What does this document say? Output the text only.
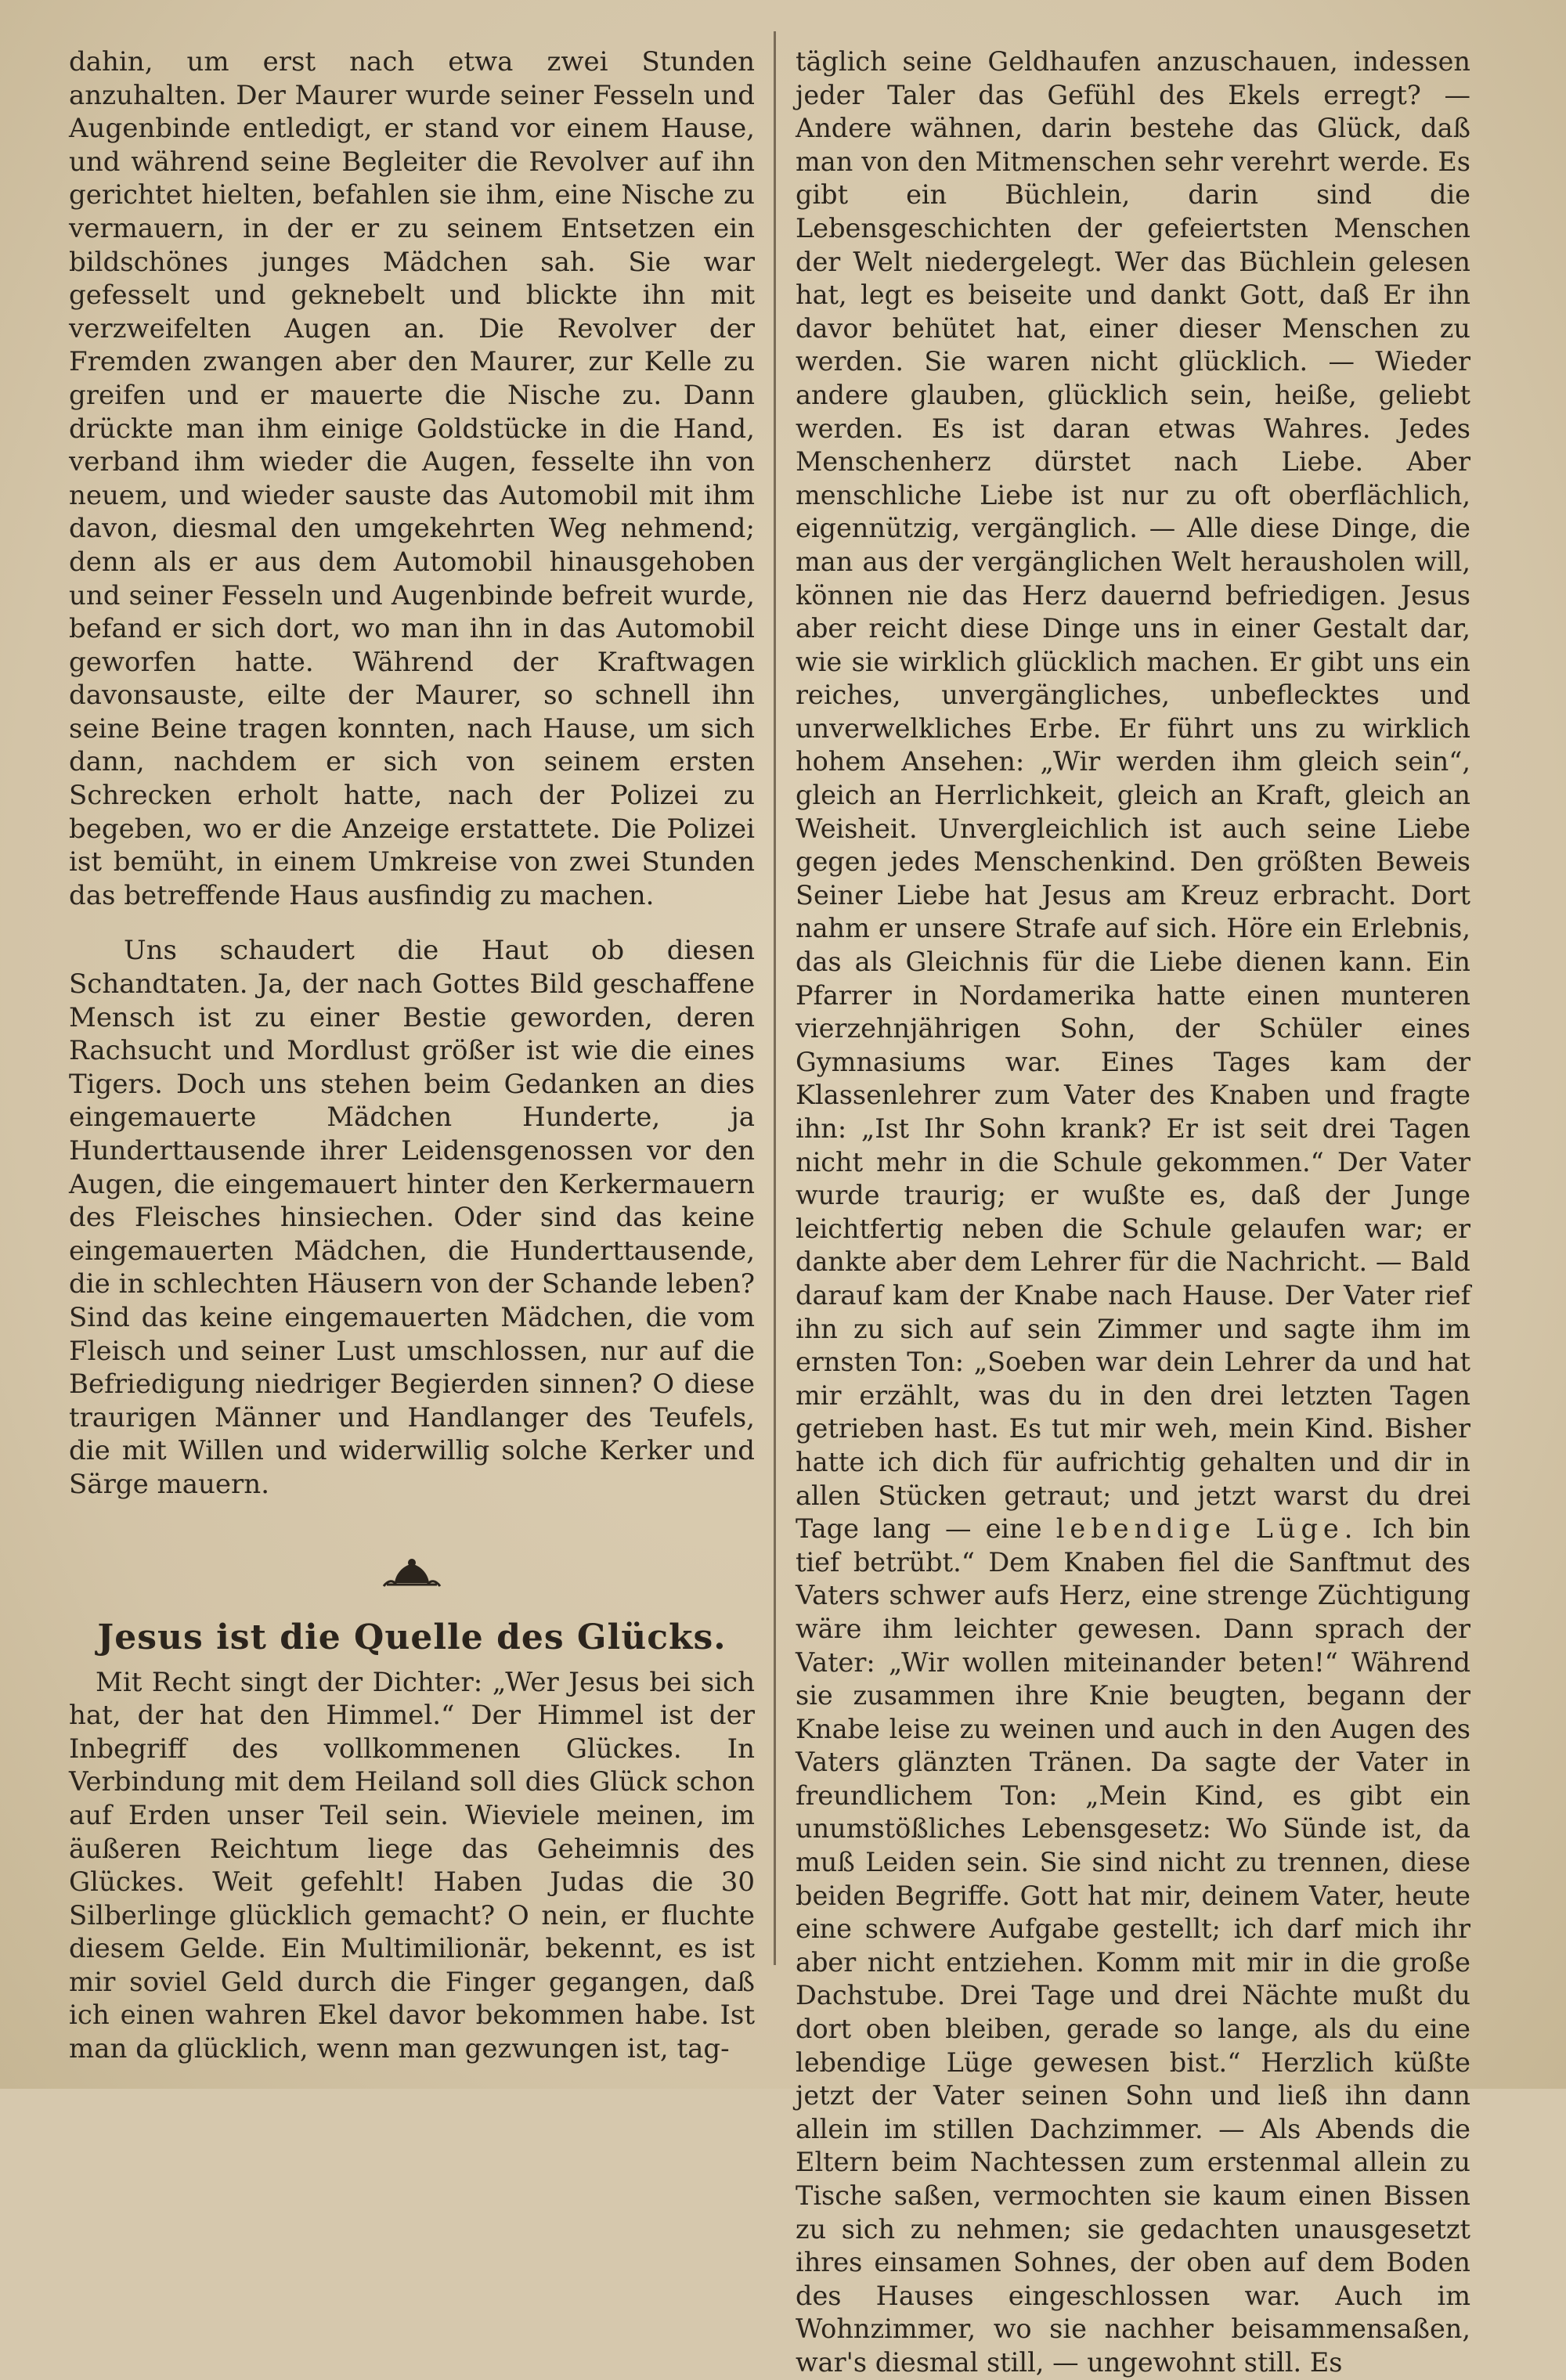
dahin, um erst nach etwa zwei Stunden anzuhalten. Der Maurer wurde seiner Fesseln und Augenbinde entledigt, er stand vor einem Hause, und während seine Begleiter die Revolver auf ihn gerichtet hielten, befahlen sie ihm, eine Nische zu vermauern, in der er zu seinem Entsetzen ein bildschönes junges Mädchen sah. Sie war gefesselt und geknebelt und blickte ihn mit verzweifelten Augen an. Die Revolver der Fremden zwangen aber den Maurer, zur Kelle zu greifen und er mauerte die Nische zu. Dann drückte man ihm einige Goldstücke in die Hand, verband ihm wieder die Augen, fesselte ihn von neuem, und wieder sauste das Automobil mit ihm davon, diesmal den umgekehrten Weg nehmend; denn als er aus dem Automobil hinausgehoben und seiner Fesseln und Augenbinde befreit wurde, befand er sich dort, wo man ihn in das Automobil geworfen hatte. Während der Kraftwagen davonsauste, eilte der Maurer, so schnell ihn seine Beine tragen konnten, nach Hause, um sich dann, nachdem er sich von seinem ersten Schrecken erholt hatte, nach der Polizei zu begeben, wo er die Anzeige erstattete. Die Polizei ist bemüht, in einem Umkreise von zwei Stunden das betreffende Haus ausfindig zu machen.

Uns schaudert die Haut ob diesen Schandtaten. Ja, der nach Gottes Bild geschaffene Mensch ist zu einer Bestie geworden, deren Rachsucht und Mordlust größer ist wie die eines Tigers. Doch uns stehen beim Gedanken an dies eingemauerte Mädchen Hunderte, ja Hunderttausende ihrer Leidensgenossen vor den Augen, die eingemauert hinter den Kerkermauern des Fleisches hinsiechen. Oder sind das keine eingemauerten Mädchen, die Hunderttausende, die in schlechten Häusern von der Schande leben? Sind das keine eingemauerten Mädchen, die vom Fleisch und seiner Lust umschlossen, nur auf die Befriedigung niedriger Begierden sinnen? O diese traurigen Männer und Handlanger des Teufels, die mit Willen und widerwillig solche Kerker und Särge mauern.

Jesus ist die Quelle des Glücks.

Mit Recht singt der Dichter: „Wer Jesus bei sich hat, der hat den Himmel.“ Der Himmel ist der Inbegriff des vollkommenen Glückes. In Verbindung mit dem Heiland soll dies Glück schon auf Erden unser Teil sein. Wieviele meinen, im äußeren Reichtum liege das Geheimnis des Glückes. Weit gefehlt! Haben Judas die 30 Silberlinge glücklich gemacht? O nein, er fluchte diesem Gelde. Ein Multimilionär, bekennt, es ist mir soviel Geld durch die Finger gegangen, daß ich einen wahren Ekel davor bekommen habe. Ist man da glücklich, wenn man gezwungen ist, tag-

täglich seine Geldhaufen anzuschauen, indessen jeder Taler das Gefühl des Ekels erregt? — Andere wähnen, darin bestehe das Glück, daß man von den Mitmenschen sehr verehrt werde. Es gibt ein Büchlein, darin sind die Lebensgeschichten der gefeiertsten Menschen der Welt niedergelegt. Wer das Büchlein gelesen hat, legt es beiseite und dankt Gott, daß Er ihn davor behütet hat, einer dieser Menschen zu werden. Sie waren nicht glücklich. — Wieder andere glauben, glücklich sein, heiße, geliebt werden. Es ist daran etwas Wahres. Jedes Menschenherz dürstet nach Liebe. Aber menschliche Liebe ist nur zu oft oberflächlich, eigennützig, vergänglich. — Alle diese Dinge, die man aus der vergänglichen Welt herausholen will, können nie das Herz dauernd befriedigen. Jesus aber reicht diese Dinge uns in einer Gestalt dar, wie sie wirklich glücklich machen. Er gibt uns ein reiches, unvergängliches, unbeflecktes und unverwelkliches Erbe. Er führt uns zu wirklich hohem Ansehen: „Wir werden ihm gleich sein“, gleich an Herrlichkeit, gleich an Kraft, gleich an Weisheit. Unvergleichlich ist auch seine Liebe gegen jedes Menschenkind. Den größten Beweis Seiner Liebe hat Jesus am Kreuz erbracht. Dort nahm er unsere Strafe auf sich. Höre ein Erlebnis, das als Gleichnis für die Liebe dienen kann. Ein Pfarrer in Nordamerika hatte einen munteren vierzehnjährigen Sohn, der Schüler eines Gymnasiums war. Eines Tages kam der Klassenlehrer zum Vater des Knaben und fragte ihn: „Ist Ihr Sohn krank? Er ist seit drei Tagen nicht mehr in die Schule gekommen.“ Der Vater wurde traurig; er wußte es, daß der Junge leichtfertig neben die Schule gelaufen war; er dankte aber dem Lehrer für die Nachricht. — Bald darauf kam der Knabe nach Hause. Der Vater rief ihn zu sich auf sein Zimmer und sagte ihm im ernsten Ton: „Soeben war dein Lehrer da und hat mir erzählt, was du in den drei letzten Tagen getrieben hast. Es tut mir weh, mein Kind. Bisher hatte ich dich für aufrichtig gehalten und dir in allen Stücken getraut; und jetzt warst du drei Tage lang — eine lebendige Lüge. Ich bin tief betrübt.“ Dem Knaben fiel die Sanftmut des Vaters schwer aufs Herz, eine strenge Züchtigung wäre ihm leichter gewesen. Dann sprach der Vater: „Wir wollen miteinander beten!“ Während sie zusammen ihre Knie beugten, begann der Knabe leise zu weinen und auch in den Augen des Vaters glänzten Tränen. Da sagte der Vater in freundlichem Ton: „Mein Kind, es gibt ein unumstößliches Lebensgesetz: Wo Sünde ist, da muß Leiden sein. Sie sind nicht zu trennen, diese beiden Begriffe. Gott hat mir, deinem Vater, heute eine schwere Aufgabe gestellt; ich darf mich ihr aber nicht entziehen. Komm mit mir in die große Dachstube. Drei Tage und drei Nächte mußt du dort oben bleiben, gerade so lange, als du eine lebendige Lüge gewesen bist.“ Herzlich küßte jetzt der Vater seinen Sohn und ließ ihn dann allein im stillen Dachzimmer. — Als Abends die Eltern beim Nachtessen zum erstenmal allein zu Tische saßen, vermochten sie kaum einen Bissen zu sich zu nehmen; sie gedachten unausgesetzt ihres einsamen Sohnes, der oben auf dem Boden des Hauses eingeschlossen war. Auch im Wohnzimmer, wo sie nachher beisammensaßen, war's diesmal still, — ungewohnt still. Es
